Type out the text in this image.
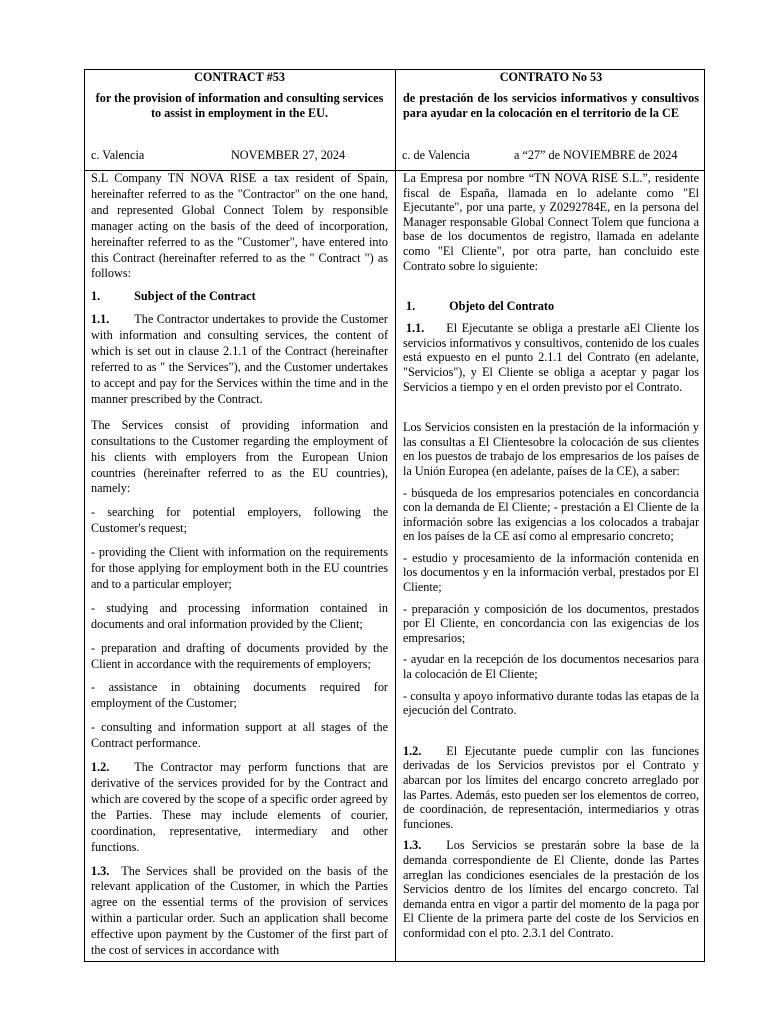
CONTRACT #53

for the provision of information and consulting services to assist in employment in the EU.

c. Valencia	NOVEMBER 27, 2024

CONTRATO No 53

de prestación de los servicios informativos y consultivos para ayudar en la colocación en el territorio de la CE

c. de Valencia	a “27” de NOVIEMBRE de 2024

S.L Company TN NOVA RISE a tax resident of Spain, hereinafter referred to as the "Contractor" on the one hand, and represented Global Connect Tolem by responsible manager acting on the basis of the deed of incorporation, hereinafter referred to as the "Customer", have entered into this Contract (hereinafter referred to as the " Contract ") as follows:

1.	Subject of the Contract

1.1. The Contractor undertakes to provide the Customer with information and consulting services, the content of which is set out in clause 2.1.1 of the Contract (hereinafter referred to as " the Services"), and the Customer undertakes to accept and pay for the Services within the time and in the manner prescribed by the Contract.

The Services consist of providing information and consultations to the Customer regarding the employment of his clients with employers from the European Union countries (hereinafter referred to as the EU countries), namely:

- searching for potential employers, following the Customer's request;

- providing the Client with information on the requirements for those applying for employment both in the EU countries and to a particular employer;

- studying and processing information contained in documents and oral information provided by the Client;

- preparation and drafting of documents provided by the Client in accordance with the requirements of employers;

- assistance in obtaining documents required for employment of the Customer;

- consulting and information support at all stages of the Contract performance.

1.2. The Contractor may perform functions that are derivative of the services provided for by the Contract and which are covered by the scope of a specific order agreed by the Parties. These may include elements of courier, coordination, representative, intermediary and other functions.

1.3. The Services shall be provided on the basis of the relevant application of the Customer, in which the Parties agree on the essential terms of the provision of services within a particular order. Such an application shall become effective upon payment by the Customer of the first part of the cost of services in accordance with

La Empresa por nombre “TN NOVA RISE S.L.”, residente fiscal de España, llamada en lo adelante como "El Ejecutante", por una parte, y Z0292784E, en la persona del Manager responsable Global Connect Tolem que funciona a base de los documentos de registro, llamada en adelante como "El Cliente", por otra parte, han concluido este Contrato sobre lo siguiente:

1.	Objeto del Contrato

1.1. El Ejecutante se obliga a prestarle aEl Cliente los servicios informativos y consultivos, contenido de los cuales está expuesto en el punto 2.1.1 del Contrato (en adelante, "Servicios"), y El Cliente se obliga a aceptar y pagar los Servicios a tiempo y en el orden previsto por el Contrato.

Los Servicios consisten en la prestación de la información y las consultas a El Clientesobre la colocación de sus clientes en los puestos de trabajo de los empresarios de los países de la Unión Europea (en adelante, países de la CE), a saber:

- búsqueda de los empresarios potenciales en concordancia con la demanda de El Cliente; - prestación a El Cliente de la información sobre las exigencias a los colocados a trabajar en los países de la CE así como al empresario concreto;

- estudio y procesamiento de la información contenida en los documentos y en la información verbal, prestados por El Cliente;

- preparación y composición de los documentos, prestados por El Cliente, en concordancia con las exigencias de los empresarios;

- ayudar en la recepción de los documentos necesarios para la colocación de El Cliente;

- consulta y apoyo informativo durante todas las etapas de la ejecución del Contrato.

1.2. El Ejecutante puede cumplir con las funciones derivadas de los Servicios previstos por el Contrato y abarcan por los límites del encargo concreto arreglado por las Partes. Además, esto pueden ser los elementos de correo, de coordinación, de representación, intermediarios y otras funciones.

1.3. Los Servicios se prestarán sobre la base de la demanda correspondiente de El Cliente, donde las Partes arreglan las condiciones esenciales de la prestación de los Servicios dentro de los límites del encargo concreto. Tal demanda entra en vigor a partir del momento de la paga por El Cliente de la primera parte del coste de los Servicios en conformidad con el pto. 2.3.1 del Contrato.
